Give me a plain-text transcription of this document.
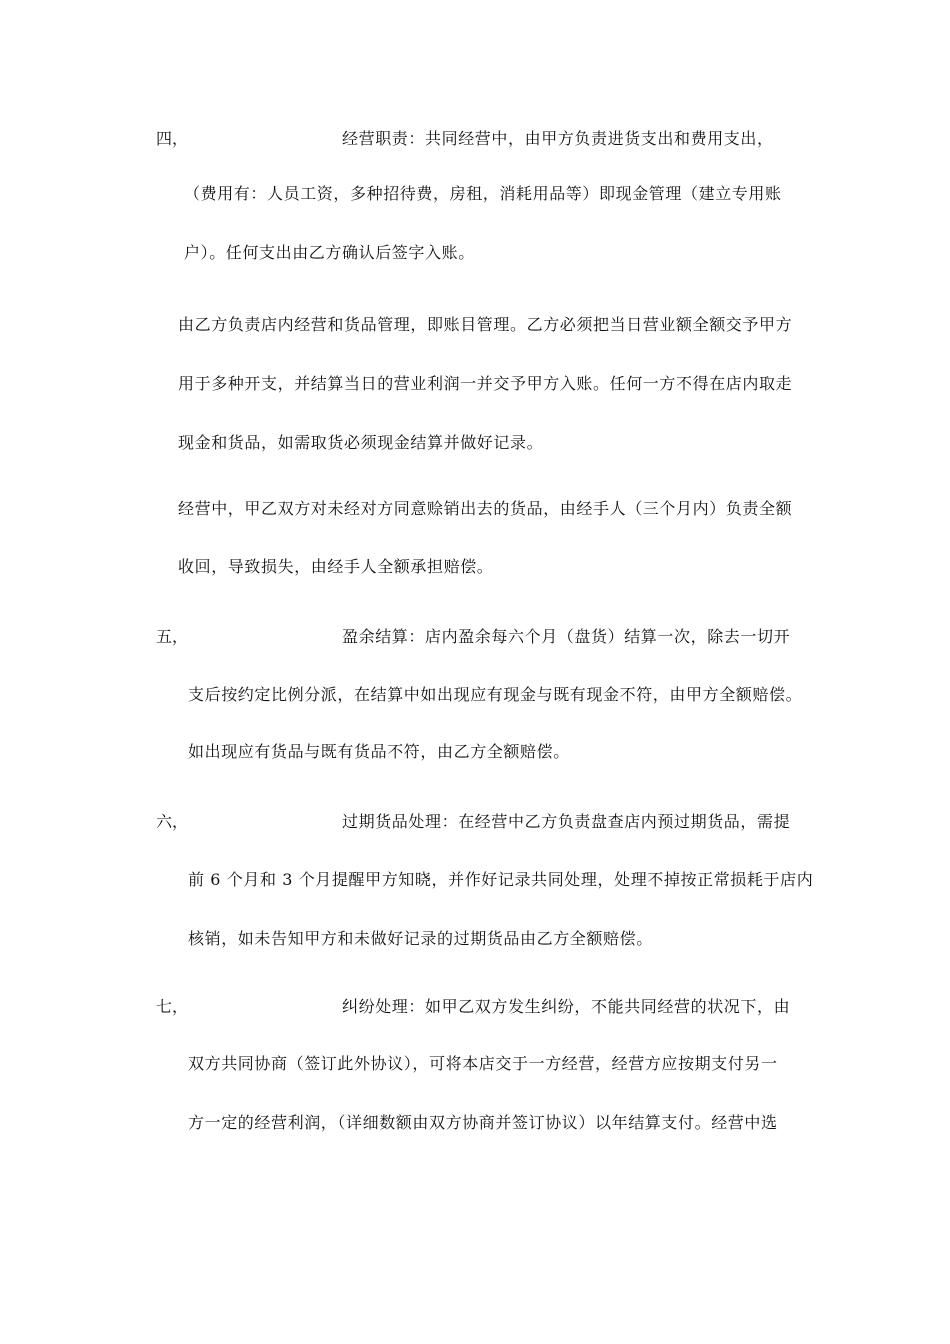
四，	经营职责：共同经营中，由甲方负责进货支出和费用支出，
（费用有：人员工资，多种招待费，房租，消耗用品等）即现金管理（建立专用账
户）。任何支出由乙方确认后签字入账。
由乙方负责店内经营和货品管理，即账目管理。乙方必须把当日营业额全额交予甲方
用于多种开支，并结算当日的营业利润一并交予甲方入账。任何一方不得在店内取走
现金和货品，如需取货必须现金结算并做好记录。
经营中，甲乙双方对未经对方同意赊销出去的货品，由经手人（三个月内）负责全额
收回，导致损失，由经手人全额承担赔偿。
五，	盈余结算：店内盈余每六个月（盘货）结算一次，除去一切开
支后按约定比例分派，在结算中如出现应有现金与既有现金不符，由甲方全额赔偿。
如出现应有货品与既有货品不符，由乙方全额赔偿。
六，	过期货品处理：在经营中乙方负责盘查店内预过期货品，需提
前 6 个月和 3 个月提醒甲方知晓，并作好记录共同处理，处理不掉按正常损耗于店内
核销，如未告知甲方和未做好记录的过期货品由乙方全额赔偿。
七，	纠纷处理：如甲乙双方发生纠纷，不能共同经营的状况下，由
双方共同协商（签订此外协议），可将本店交于一方经营，经营方应按期支付另一
方一定的经营利润，（详细数额由双方协商并签订协议）以年结算支付。经营中选
